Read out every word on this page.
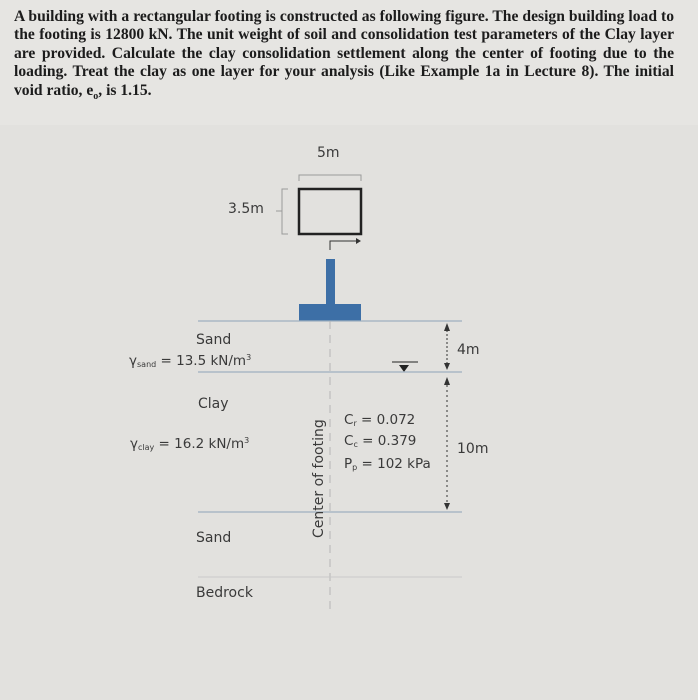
A building with a rectangular footing is constructed as following figure. The design building load to the footing is 12800 kN. The unit weight of soil and consolidation test parameters of the Clay layer are provided. Calculate the clay consolidation settlement along the center of footing due to the loading. Treat the clay as one layer for your analysis (Like Example 1a in Lecture 8). The initial void ratio, $e_o$, is 1.15.

5m
3.5m
Sand
$\gamma_{sand} = 13.5$ $kN/m^3$	4m
Clay
$\gamma_{clay} = 16.2$ $kN/m^3$
$C_r = 0.072$
$C_c = 0.379$
$P_p = 102$ kPa
10m
Center of footing
Sand
Bedrock
